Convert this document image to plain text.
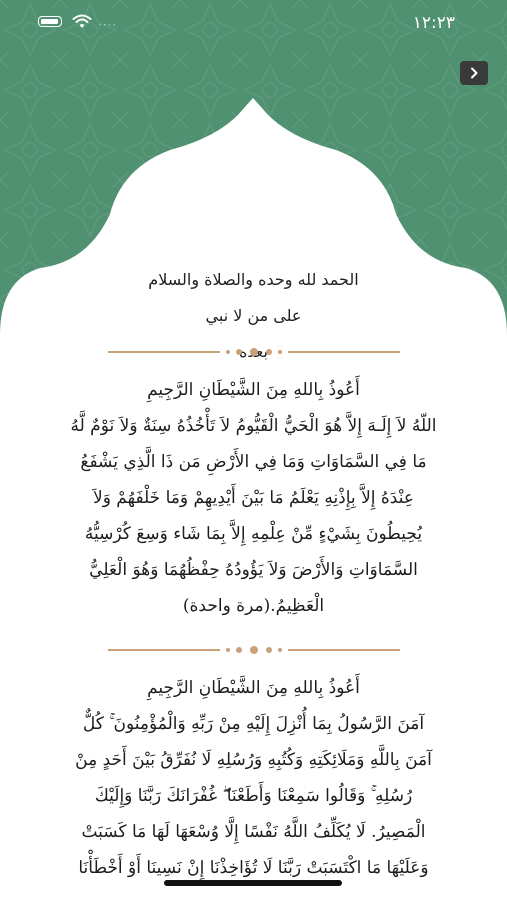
····	١٢:٢٣
الحمد لله وحده والصلاة والسلام على من لا نبي
أَعُوذُ بِاللهِ مِنَ الشَّيْطَانِ الرَّجِيمِ
اللّهُ لاَ إِلَـهَ إِلاَّ هُوَ الْحَيُّ الْقَيُّومُ لاَ تَأْخُذُهُ سِنَةٌ وَلاَ نَوْمٌ لَّهُ
مَا فِي السَّمَاوَاتِ وَمَا فِي الأَرْضِ مَن ذَا الَّذِي يَشْفَعُ
عِنْدَهُ إِلاَّ بِإِذْنِهِ يَعْلَمُ مَا بَيْنَ أَيْدِيهِمْ وَمَا خَلْفَهُمْ وَلاَ
يُحِيطُونَ بِشَيْءٍ مِّنْ عِلْمِهِ إِلاَّ بِمَا شَاء وَسِعَ كُرْسِيُّهُ
السَّمَاوَاتِ وَالأَرْضَ وَلاَ يَؤُودُهُ حِفْظُهُمَا وَهُوَ الْعَلِيُّ
الْعَظِيمُ.(مرة واحدة)
أَعُوذُ بِاللهِ مِنَ الشَّيْطَانِ الرَّجِيمِ
آمَنَ الرَّسُولُ بِمَا أُنْزِلَ إِلَيْهِ مِنْ رَبِّهِ وَالْمُؤْمِنُونَ ۚ كُلٌّ
آمَنَ بِاللَّهِ وَمَلَائِكَتِهِ وَكُتُبِهِ وَرُسُلِهِ لَا نُفَرِّقُ بَيْنَ أَحَدٍ مِنْ
رُسُلِهِ ۚ وَقَالُوا سَمِعْنَا وَأَطَعْنَا ۖ غُفْرَانَكَ رَبَّنَا وَإِلَيْكَ
الْمَصِيرُ. لَا يُكَلِّفُ اللَّهُ نَفْسًا إِلَّا وُسْعَهَا لَهَا مَا كَسَبَتْ
وَعَلَيْهَا مَا اكْتَسَبَتْ رَبَّنَا لَا تُؤَاخِذْنَا إِنْ نَسِينَا أَوْ أَخْطَأْنَا
